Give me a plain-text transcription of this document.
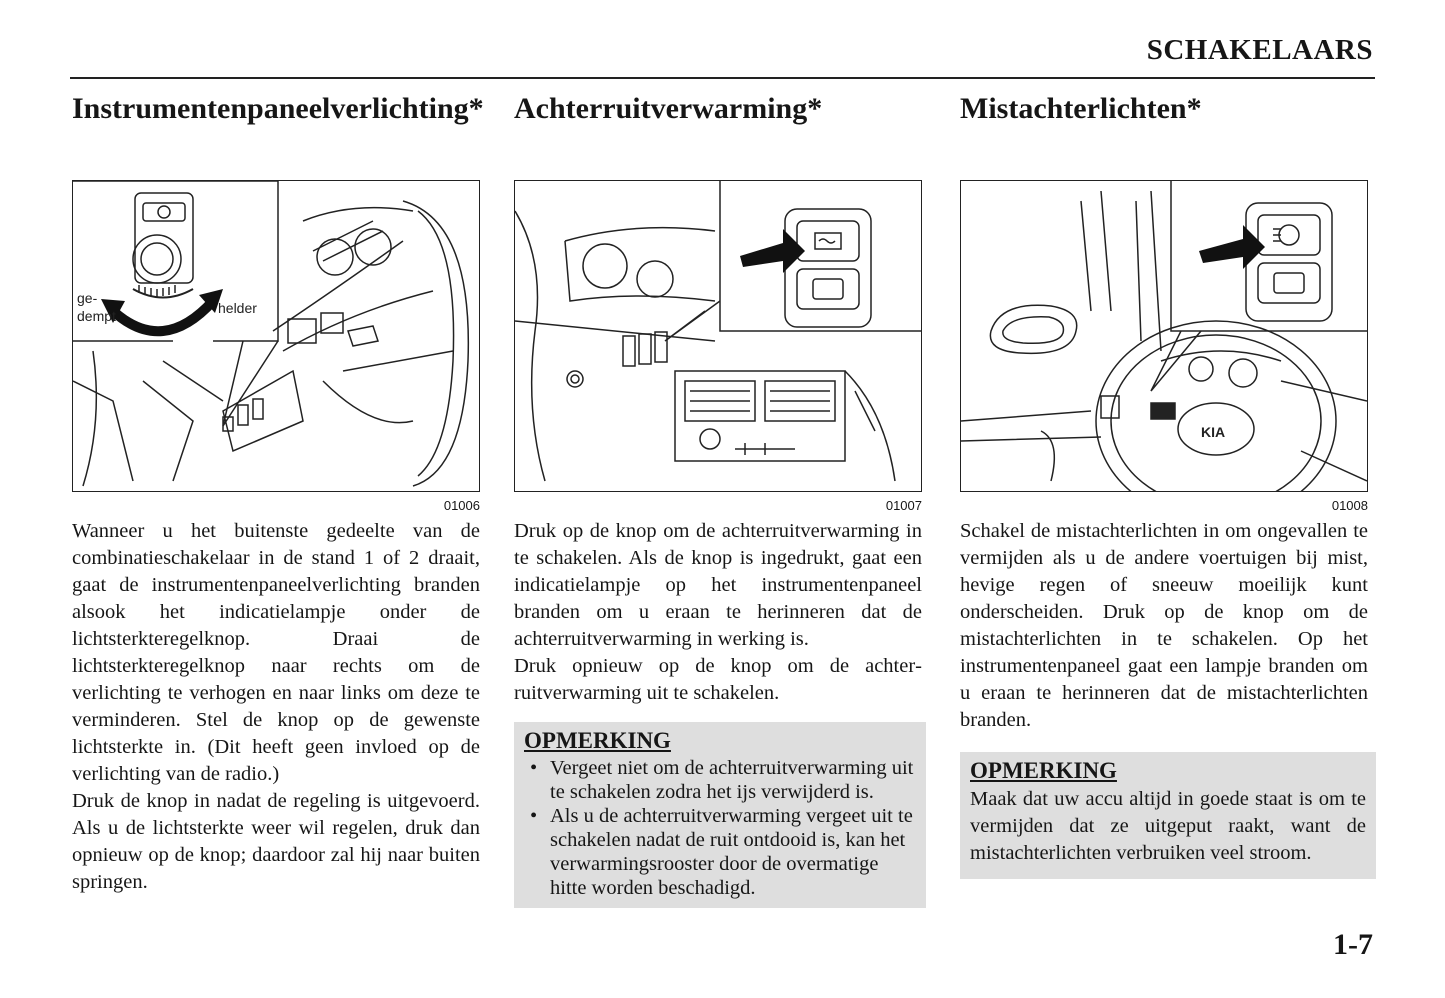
SCHAKELAARS
Instrumentenpaneelverlichting*
ge-
dempt	helder
01006

Wanneer u het buitenste gedeelte van de combinatieschakelaar in de stand 1 of 2 draait, gaat de instrumentenpaneelverlichting branden alsook het indicatielampje onder de lichtsterkteregelknop. Draai de lichtsterkteregelknop naar rechts om de verlichting te verhogen en naar links om deze te verminderen. Stel de knop op de gewenste lichtsterkte in. (Dit heeft geen invloed op de verlichting van de radio.)

Druk de knop in nadat de regeling is uitgevoerd. Als u de lichtsterkte weer wil regelen, druk dan opnieuw op de knop; daardoor zal hij naar buiten springen.

Achterruitverwarming*
01007

Druk op de knop om de achterruitverwarming in te schakelen. Als de knop is ingedrukt, gaat een indicatielampje op het instrumentenpaneel branden om u eraan te herinneren dat de achterruitverwarming in werking is.

Druk opnieuw op de knop om de achterruitverwarming uit te schakelen.

OPMERKING
• Vergeet niet om de achterruitverwarming uit te schakelen zodra het ijs verwijderd is.
• Als u de achterruitverwarming vergeet uit te schakelen nadat de ruit ontdooid is, kan het verwarmingsrooster door de overmatige hitte worden beschadigd.
Mistachterlichten*
KIA
01008

Schakel de mistachterlichten in om ongevallen te vermijden als u de andere voertuigen bij mist, hevige regen of sneeuw moeilijk kunt onderscheiden. Druk op de knop om de mistachterlichten in te schakelen. Op het instrumentenpaneel gaat een lampje branden om u eraan te herinneren dat de mistachterlichten branden.

OPMERKING

Maak dat uw accu altijd in goede staat is om te vermijden dat ze uitgeput raakt, want de mistachterlichten verbruiken veel stroom.

1-7
